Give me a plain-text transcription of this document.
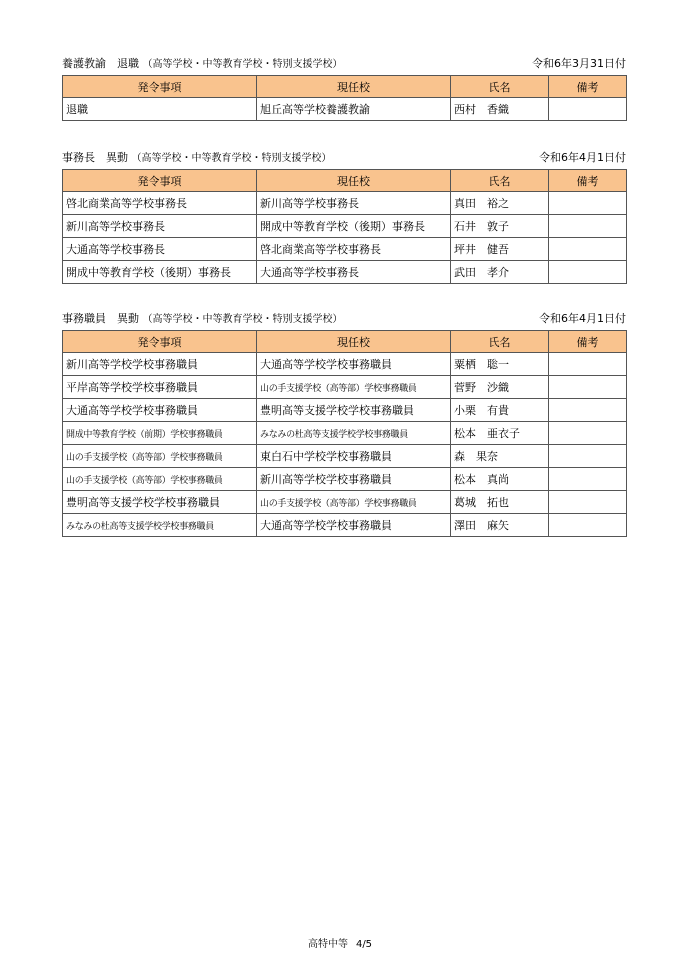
養護教諭　退職 （高等学校・中等教育学校・特別支援学校）	令和6年3月31日付
発令事項	現任校	氏名	備考
退職	旭丘高等学校養護教諭	西村　香織	
事務長　異動 （高等学校・中等教育学校・特別支援学校）	令和6年4月1日付
発令事項	現任校	氏名	備考
啓北商業高等学校事務長	新川高等学校事務長	真田　裕之	
新川高等学校事務長	開成中等教育学校（後期）事務長	石井　敦子	
大通高等学校事務長	啓北商業高等学校事務長	坪井　健吾	
開成中等教育学校（後期）事務長	大通高等学校事務長	武田　孝介	
事務職員　異動 （高等学校・中等教育学校・特別支援学校）	令和6年4月1日付
発令事項	現任校	氏名	備考
新川高等学校学校事務職員	大通高等学校学校事務職員	粟栖　聡一	
平岸高等学校学校事務職員	山の手支援学校（高等部）学校事務職員	菅野　沙織	
大通高等学校学校事務職員	豊明高等支援学校学校事務職員	小栗　有貴	
開成中等教育学校（前期）学校事務職員	みなみの杜高等支援学校学校事務職員	松本　亜衣子	
山の手支援学校（高等部）学校事務職員	東白石中学校学校事務職員	森　果奈	
山の手支援学校（高等部）学校事務職員	新川高等学校学校事務職員	松本　真尚	
豊明高等支援学校学校事務職員	山の手支援学校（高等部）学校事務職員	葛城　拓也	
みなみの杜高等支援学校学校事務職員	大通高等学校学校事務職員	澤田　麻矢	
高特中等 4/5
